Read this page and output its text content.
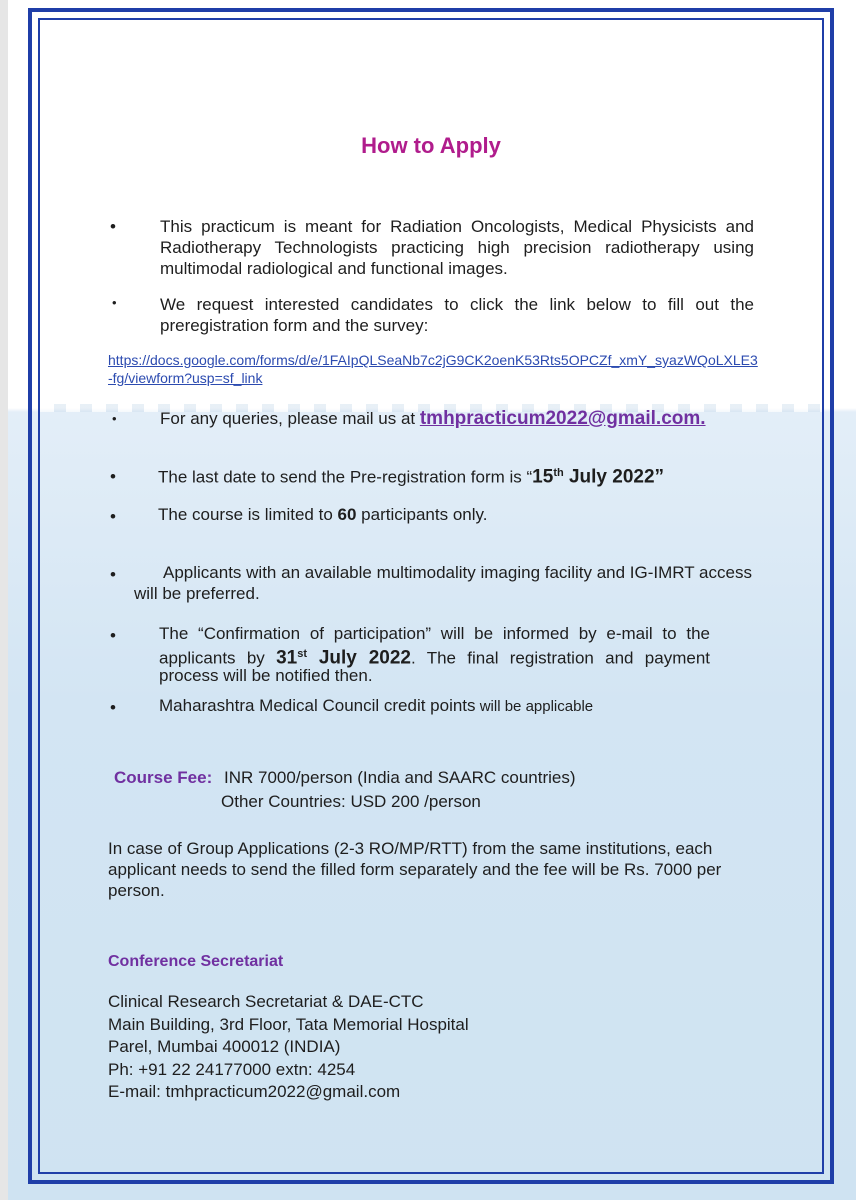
How to Apply
•	This practicum is meant for Radiation Oncologists, Medical Physicists and Radiotherapy Technologists practicing high precision radiotherapy using multimodal radiological and functional images.
•	We request interested candidates to click the link below to fill out the preregistration form and the survey:
https://docs.google.com/forms/d/e/1FAIpQLSeaNb7c2jG9CK2oenK53Rts5OPCZf_xmY_syazWQoLXLE3-fg/viewform?usp=sf_link
•	For any queries, please mail us at tmhpracticum2022@gmail.com.
• The last date to send the Pre-registration form is “15th July 2022”
• The course is limited to 60 participants only.
•	Applicants with an available multimodality imaging facility and IG-IMRT access
will be preferred.
•	The “Confirmation of participation” will be informed by e-mail to the
applicants by 31st July 2022. The final registration and payment
process will be notified then.
•	Maharashtra Medical Council credit points will be applicable
Course Fee: INR 7000/person (India and SAARC countries)
Other Countries: USD 200 /person
In case of Group Applications (2-3 RO/MP/RTT) from the same institutions, each applicant needs to send the filled form separately and the fee will be Rs. 7000 per person.
Conference Secretariat
Clinical Research Secretariat & DAE-CTC
Main Building, 3rd Floor, Tata Memorial Hospital
Parel, Mumbai 400012 (INDIA)
Ph: +91 22 24177000 extn: 4254
E-mail: tmhpracticum2022@gmail.com
